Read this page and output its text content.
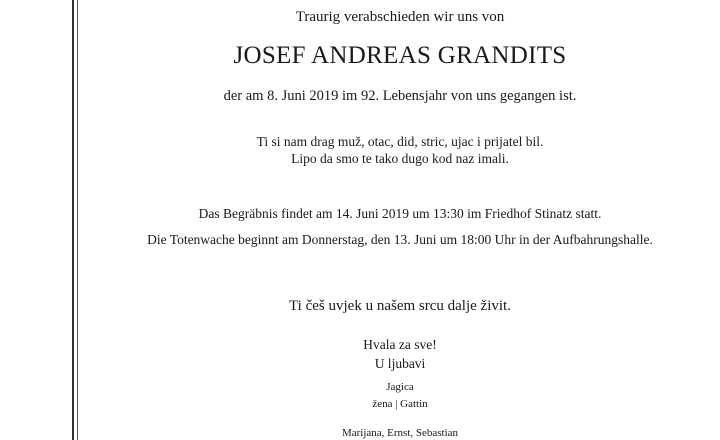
Traurig verabschieden wir uns von
JOSEF ANDREAS GRANDITS
der am 8. Juni 2019 im 92. Lebensjahr von uns gegangen ist.
Ti si nam drag muž, otac, did, stric, ujac i prijatel bil.
Lipo da smo te tako dugo kod naz imali.
Das Begräbnis findet am 14. Juni 2019 um 13:30 im Friedhof Stinatz statt.
Die Totenwache beginnt am Donnerstag, den 13. Juni um 18:00 Uhr in der Aufbahrungshalle.
Ti češ uvjek u našem srcu dalje živit.
Hvala za sve!
U ljubavi
Jagica
žena | Gattin
Marijana, Ernst, Sebastian
